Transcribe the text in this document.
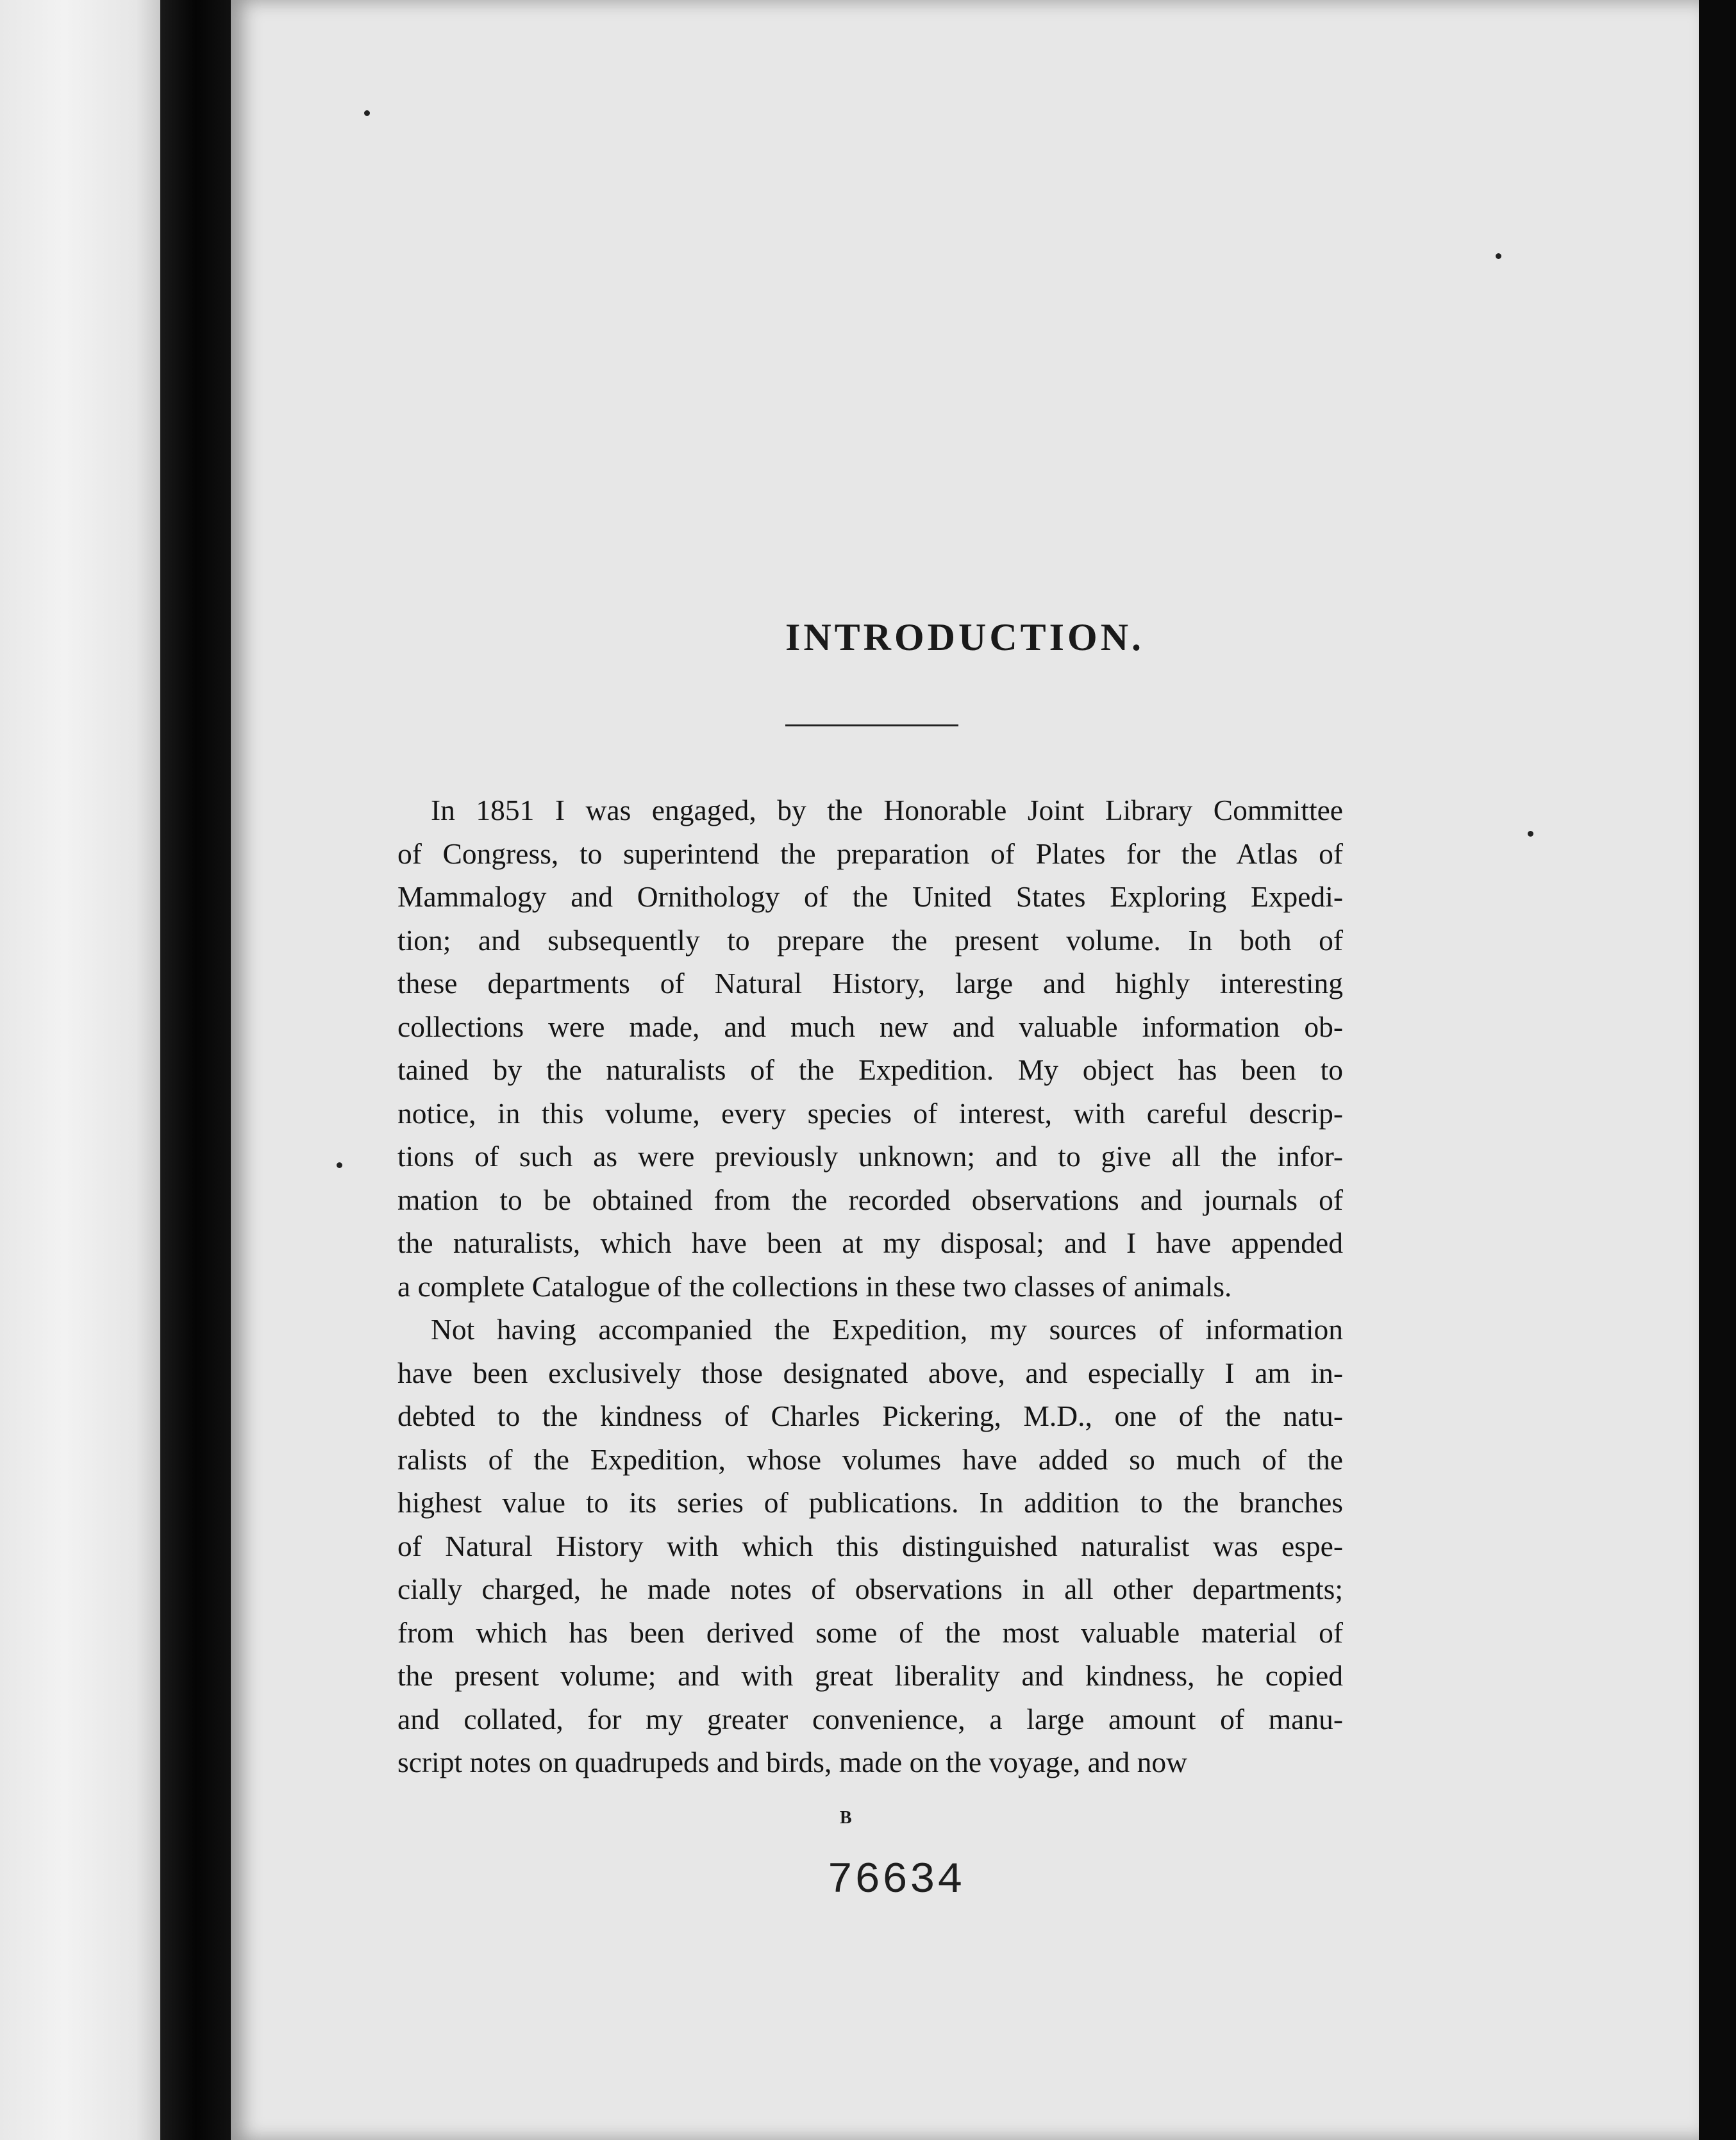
INTRODUCTION.
In 1851 I was engaged, by the Honorable Joint Library Committee
of Congress, to superintend the preparation of Plates for the Atlas of
Mammalogy and Ornithology of the United States Exploring Expedi-
tion; and subsequently to prepare the present volume. In both of
these departments of Natural History, large and highly interesting
collections were made, and much new and valuable information ob-
tained by the naturalists of the Expedition. My object has been to
notice, in this volume, every species of interest, with careful descrip-
tions of such as were previously unknown; and to give all the infor-
mation to be obtained from the recorded observations and journals of
the naturalists, which have been at my disposal; and I have appended
a complete Catalogue of the collections in these two classes of animals.
Not having accompanied the Expedition, my sources of information
have been exclusively those designated above, and especially I am in-
debted to the kindness of Charles Pickering, M.D., one of the natu-
ralists of the Expedition, whose volumes have added so much of the
highest value to its series of publications. In addition to the branches
of Natural History with which this distinguished naturalist was espe-
cially charged, he made notes of observations in all other departments;
from which has been derived some of the most valuable material of
the present volume; and with great liberality and kindness, he copied
and collated, for my greater convenience, a large amount of manu-
script notes on quadrupeds and birds, made on the voyage, and now
B
76634
